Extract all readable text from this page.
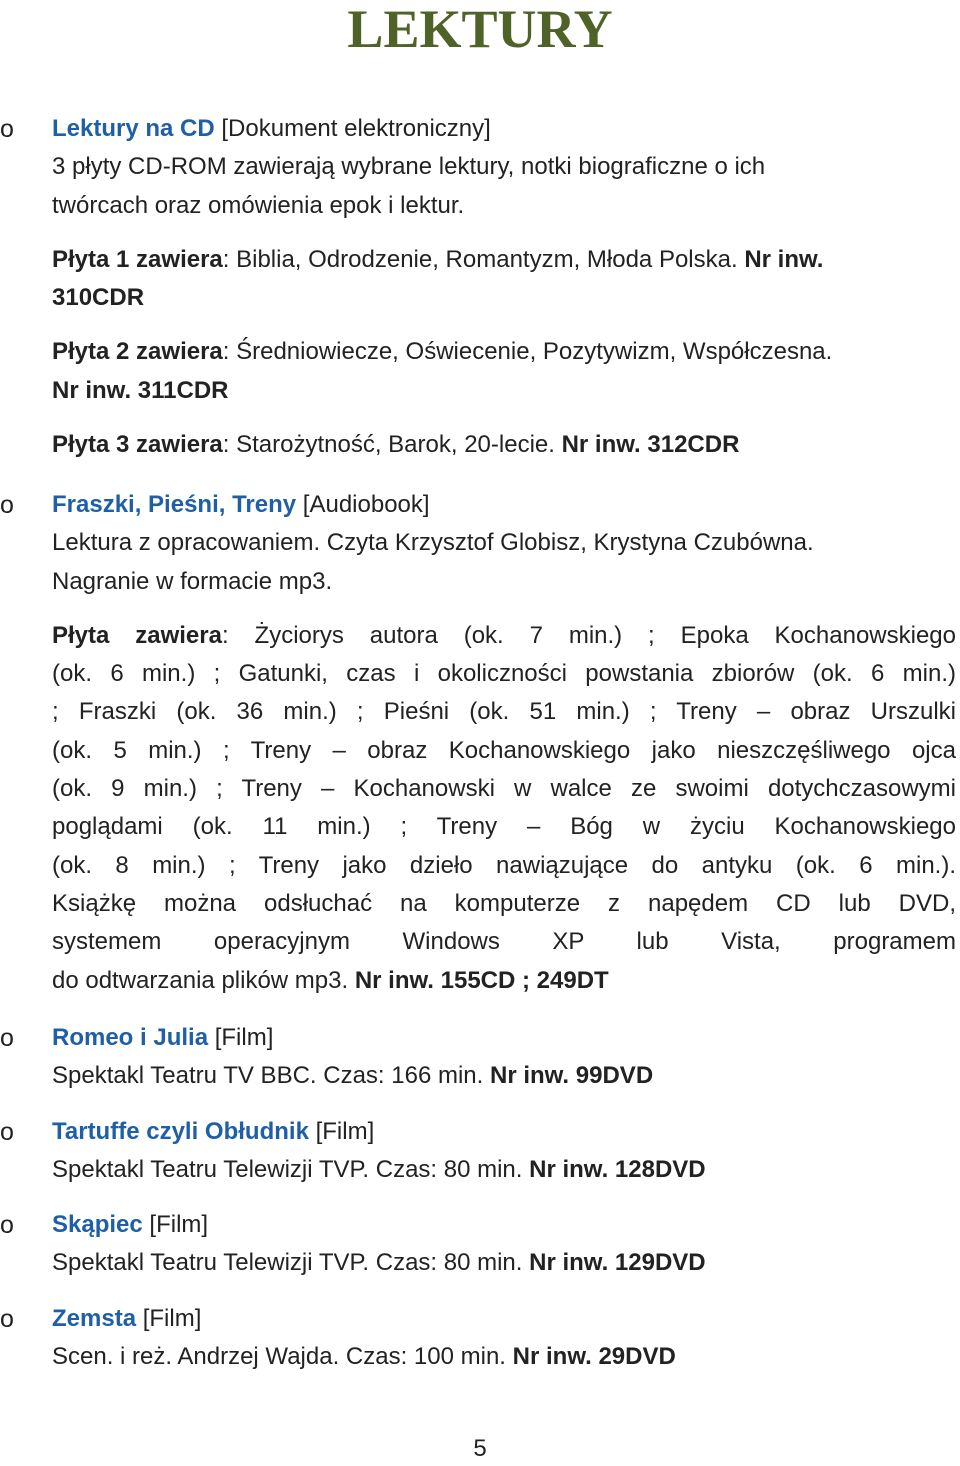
LEKTURY
o Lektury na CD [Dokument elektroniczny]

3 płyty CD-ROM zawierają wybrane lektury, notki biograficzne o ich

twórcach oraz omówienia epok i lektur.

Płyta 1 zawiera: Biblia, Odrodzenie, Romantyzm, Młoda Polska. Nr inw.

310CDR

Płyta 2 zawiera: Średniowiecze, Oświecenie, Pozytywizm, Współczesna.

Nr inw. 311CDR

Płyta 3 zawiera: Starożytność, Barok, 20-lecie. Nr inw. 312CDR

o Fraszki, Pieśni, Treny [Audiobook]

Lektura z opracowaniem. Czyta Krzysztof Globisz, Krystyna Czubówna.

Nagranie w formacie mp3.

Płyta zawiera: Życiorys autora (ok. 7 min.) ; Epoka Kochanowskiego

(ok. 6 min.) ; Gatunki, czas i okoliczności powstania zbiorów (ok. 6 min.)

; Fraszki (ok. 36 min.) ; Pieśni (ok. 51 min.) ; Treny – obraz Urszulki

(ok. 5 min.) ; Treny – obraz Kochanowskiego jako nieszczęśliwego ojca

(ok. 9 min.) ; Treny – Kochanowski w walce ze swoimi dotychczasowymi

poglądami (ok. 11 min.) ; Treny – Bóg w życiu Kochanowskiego

(ok. 8 min.) ; Treny jako dzieło nawiązujące do antyku (ok. 6 min.).

Książkę można odsłuchać na komputerze z napędem CD lub DVD,

systemem operacyjnym Windows XP lub Vista, programem

do odtwarzania plików mp3. Nr inw. 155CD ; 249DT

o Romeo i Julia [Film]

Spektakl Teatru TV BBC. Czas: 166 min. Nr inw. 99DVD

o Tartuffe czyli Obłudnik [Film]

Spektakl Teatru Telewizji TVP. Czas: 80 min. Nr inw. 128DVD

o Skąpiec [Film]

Spektakl Teatru Telewizji TVP. Czas: 80 min. Nr inw. 129DVD

o Zemsta [Film]

Scen. i reż. Andrzej Wajda. Czas: 100 min. Nr inw. 29DVD

5
